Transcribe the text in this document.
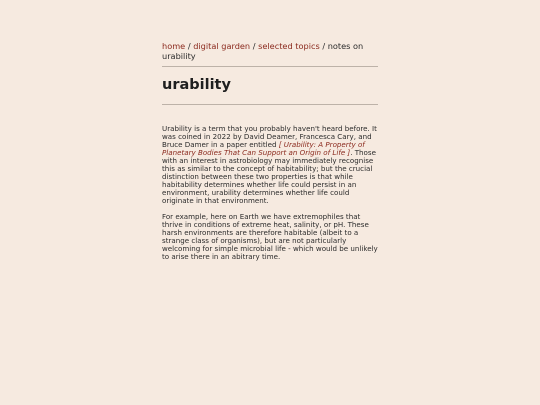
home / digital garden / selected topics / notes on urability
urability

Urability is a term that you probably haven't heard before. It was coined in 2022 by David Deamer, Francesca Cary, and Bruce Damer in a paper entitled [ Urability: A Property of Planetary Bodies That Can Support an Origin of Life ]. Those with an interest in astrobiology may immediately recognise this as similar to the concept of habitability; but the crucial distinction between these two properties is that while habitability determines whether life could persist in an environment, urability determines whether life could originate in that environment.

For example, here on Earth we have extremophiles that thrive in conditions of extreme heat, salinity, or pH. These harsh environments are therefore habitable (albeit to a strange class of organisms), but are not particularly welcoming for simple microbial life - which would be unlikely to arise there in an abitrary time.
